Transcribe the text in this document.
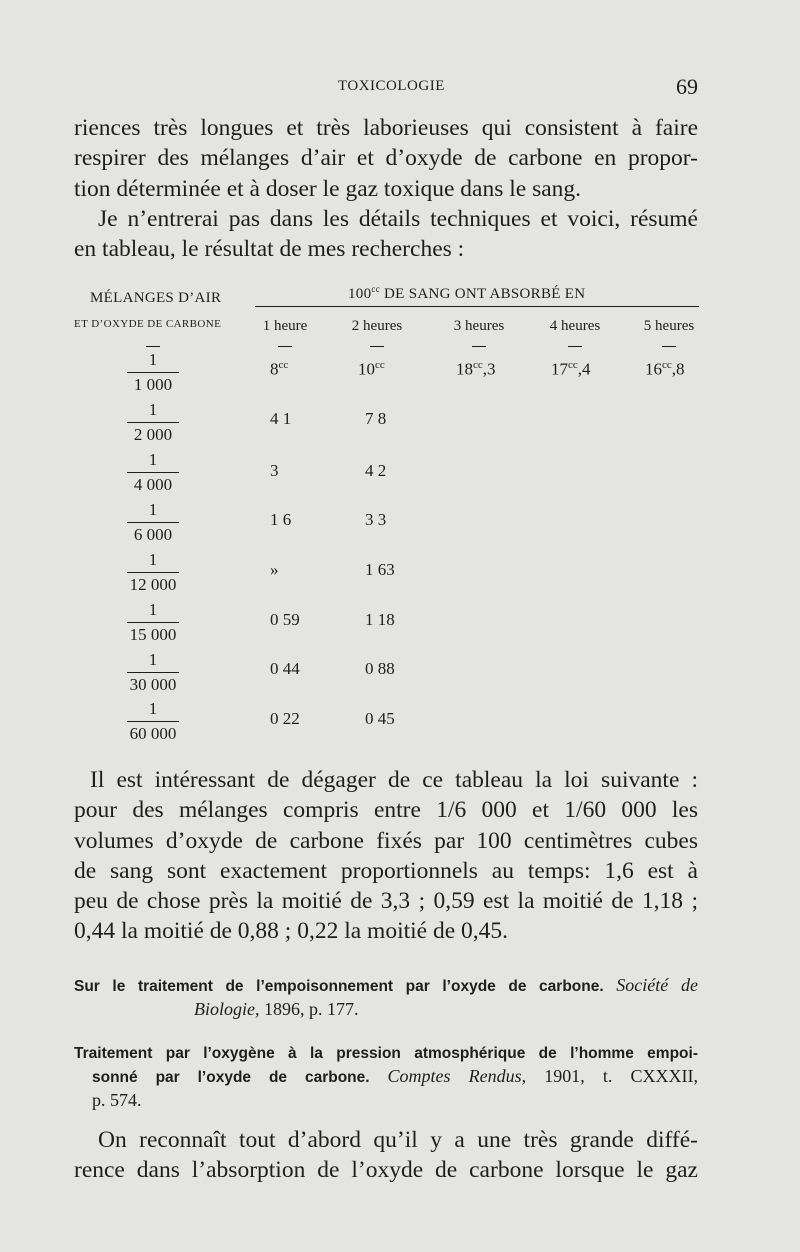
TOXICOLOGIE	69
riences très longues et très laborieuses qui consistent à faire
respirer des mélanges d’air et d’oxyde de carbone en propor-
tion déterminée et à doser le gaz toxique dans le sang.
Je n’entrerai pas dans les détails techniques et voici, résumé
en tableau, le résultat de mes recherches :
$100^{cc}$ DE SANG ONT ABSORBÉ EN
MÉLANGES D’AIR
ET D’OXYDE DE CARBONE	1 heure	2 heures	3 heures	4 heures	5 heures
1
1 000
$8^{cc}$	$10^{cc}$	$18^{cc},3$	$17^{cc},4$	$16^{cc},8$
1
2 000
4 1	7 8
1
4 000
3	4 2
1
6 000
1 6	3 3
1
12 000
»	1 63
1
15 000
0 59	1 18
1
30 000
0 44	0 88
1
60 000
0 22	0 45
Il est intéressant de dégager de ce tableau la loi suivante :
pour des mélanges compris entre 1/6 000 et 1/60 000 les
volumes d’oxyde de carbone fixés par 100 centimètres cubes
de sang sont exactement proportionnels au temps: 1,6 est à
peu de chose près la moitié de 3,3 ; 0,59 est la moitié de 1,18 ;
0,44 la moitié de 0,88 ; 0,22 la moitié de 0,45.
Sur le traitement de l’empoisonnement par l’oxyde de carbone. Société de
Biologie, 1896, p. 177.
Traitement par l’oxygène à la pression atmosphérique de l’homme empoi-
sonné par l’oxyde de carbone. Comptes Rendus, 1901, t. CXXXII,
p. 574.
On reconnaît tout d’abord qu’il y a une très grande diffé-
rence dans l’absorption de l’oxyde de carbone lorsque le gaz
